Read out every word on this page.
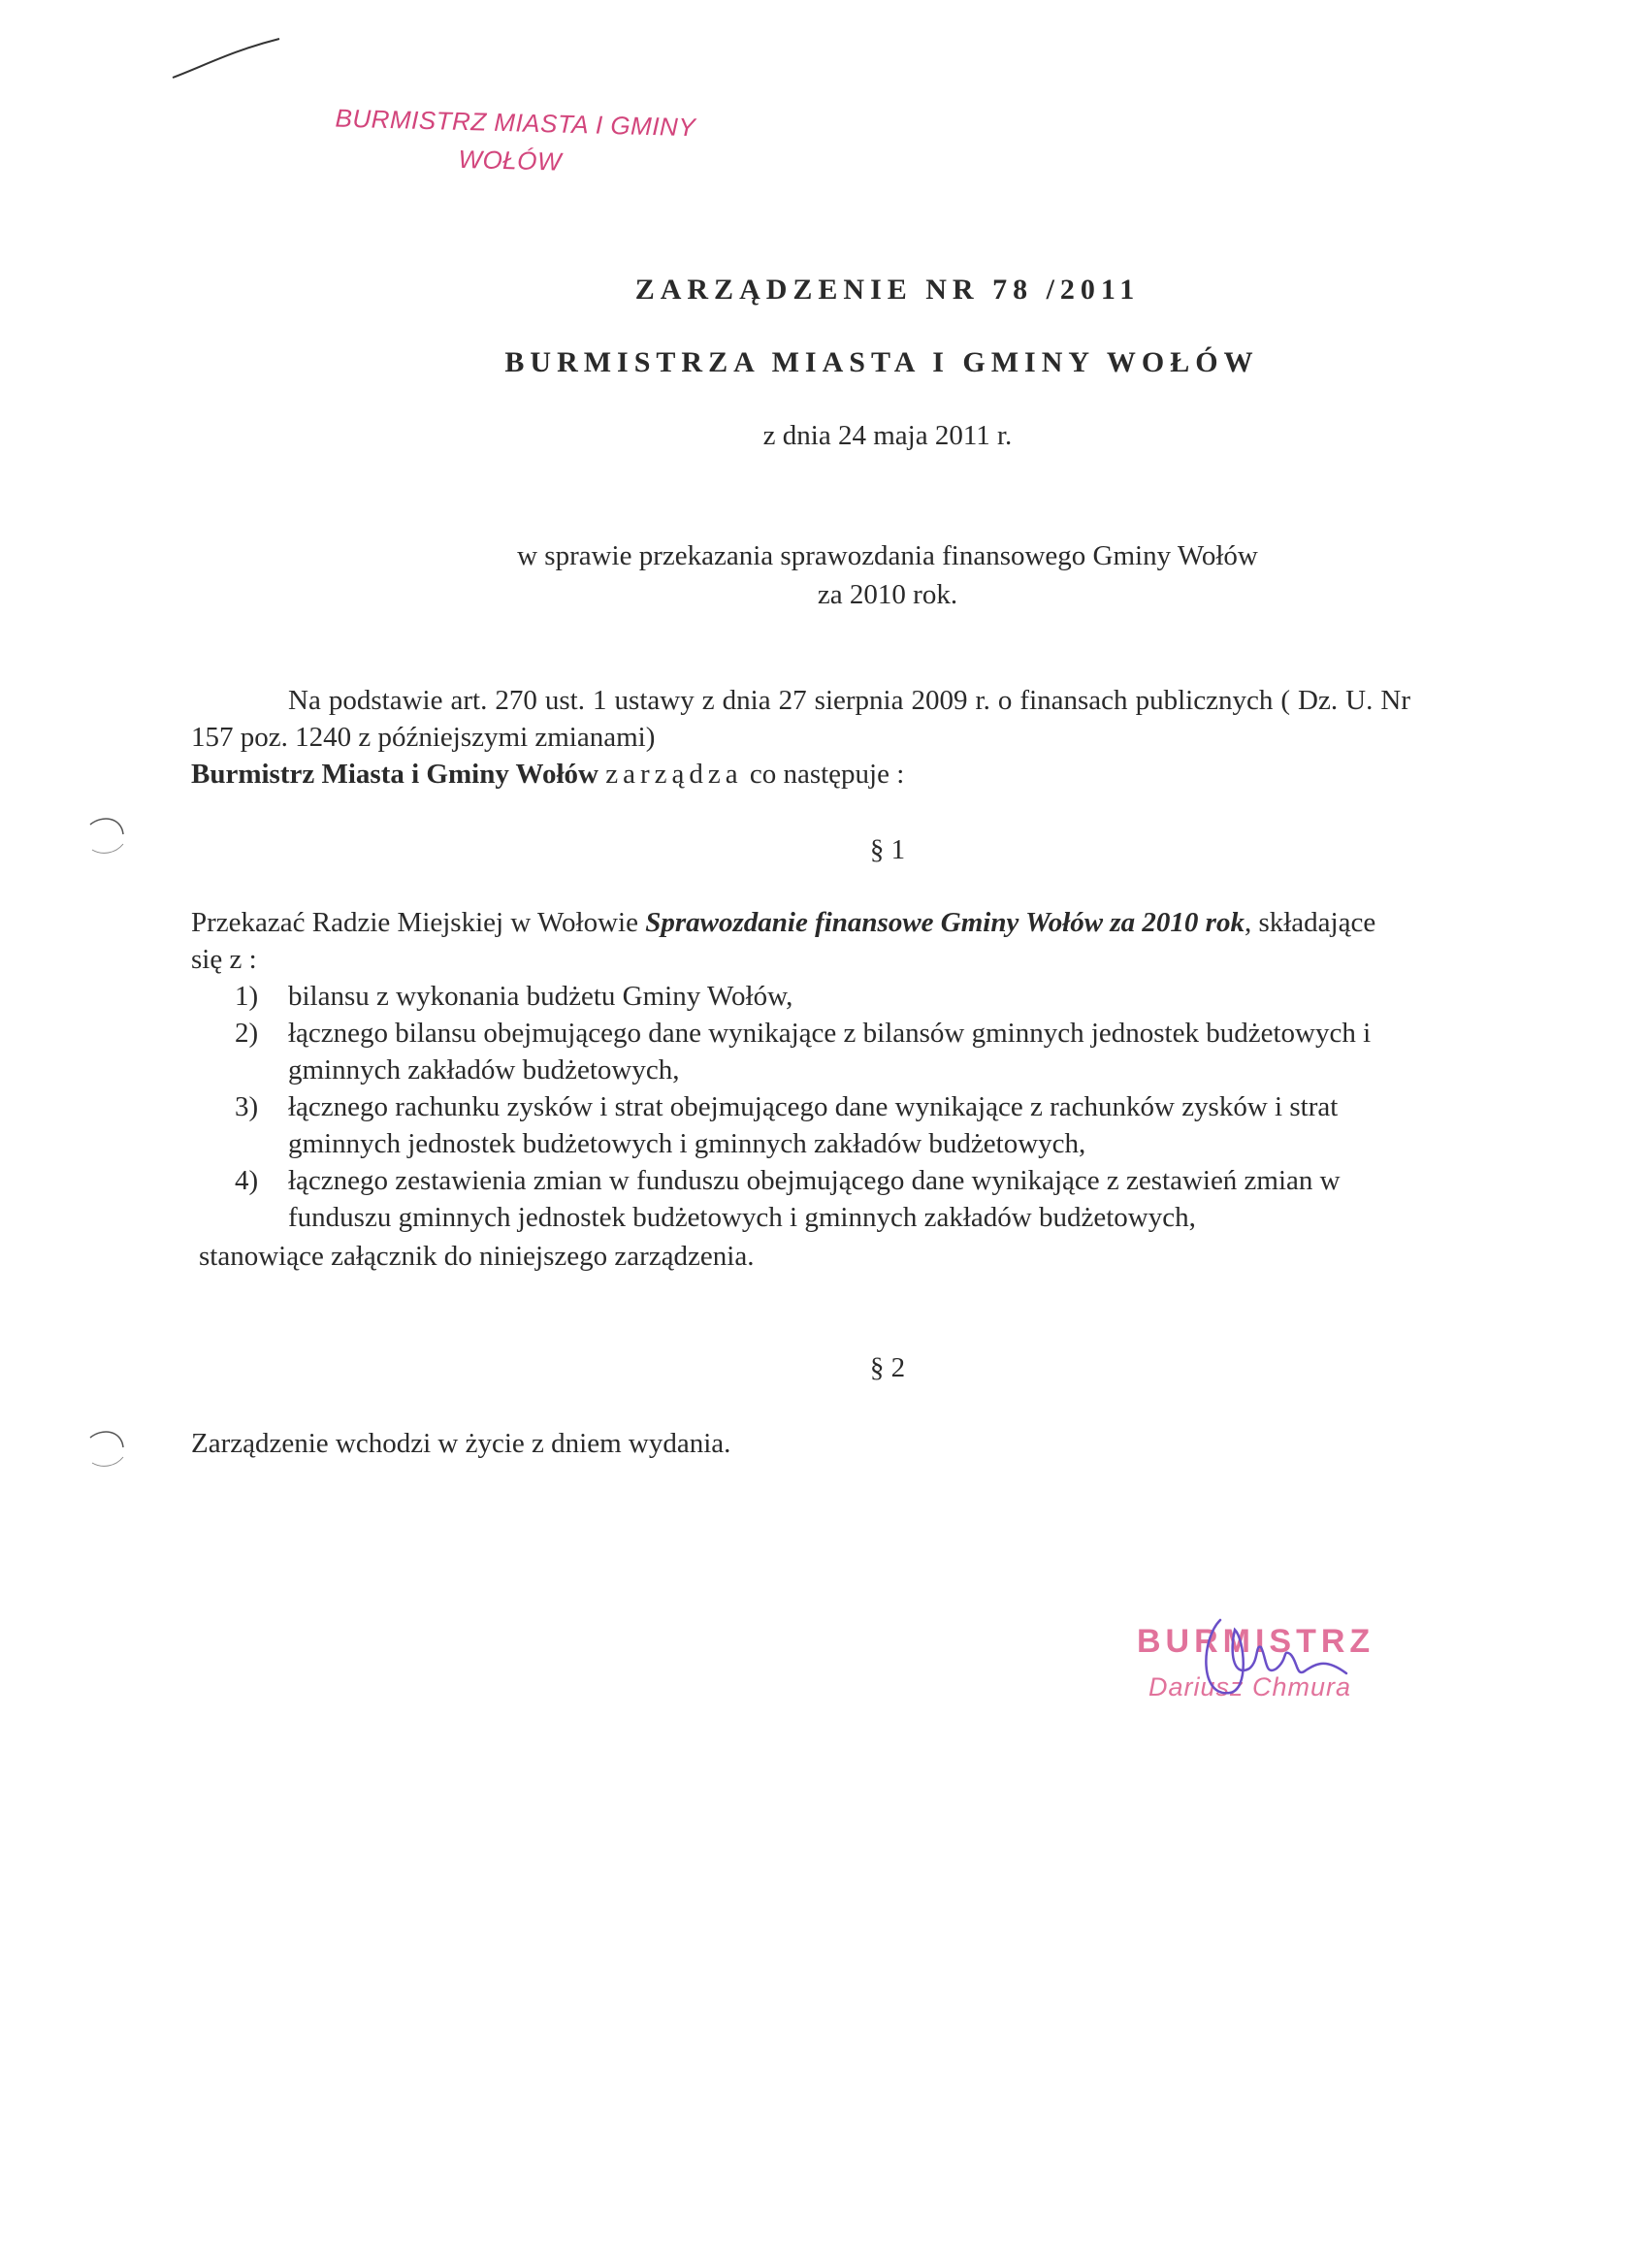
BURMISTRZ MIASTA I GMINY
WOŁÓW
ZARZĄDZENIE NR 78 /2011
BURMISTRZA MIASTA I GMINY WOŁÓW
z dnia 24 maja 2011 r.
w sprawie przekazania sprawozdania finansowego Gminy Wołów
za 2010 rok.
Na podstawie art. 270 ust. 1 ustawy z dnia 27 sierpnia 2009 r. o finansach publicznych ( Dz. U. Nr 157 poz. 1240 z późniejszymi zmianami)
Burmistrz Miasta i Gminy Wołów zarządza co następuje :
§ 1
Przekazać Radzie Miejskiej w Wołowie Sprawozdanie finansowe Gminy Wołów za 2010 rok, składające się z :
1) bilansu z wykonania budżetu Gminy Wołów,
2) łącznego bilansu obejmującego dane wynikające z bilansów gminnych jednostek budżetowych i gminnych zakładów budżetowych,
3) łącznego rachunku zysków i strat obejmującego dane wynikające z rachunków zysków i strat gminnych jednostek budżetowych i gminnych zakładów budżetowych,
4) łącznego zestawienia zmian w funduszu obejmującego dane wynikające z zestawień zmian w funduszu gminnych jednostek budżetowych i gminnych zakładów budżetowych,
stanowiące załącznik do niniejszego zarządzenia.
§ 2
Zarządzenie wchodzi w życie z dniem wydania.
BURMISTRZ
Dariusz Chmura
